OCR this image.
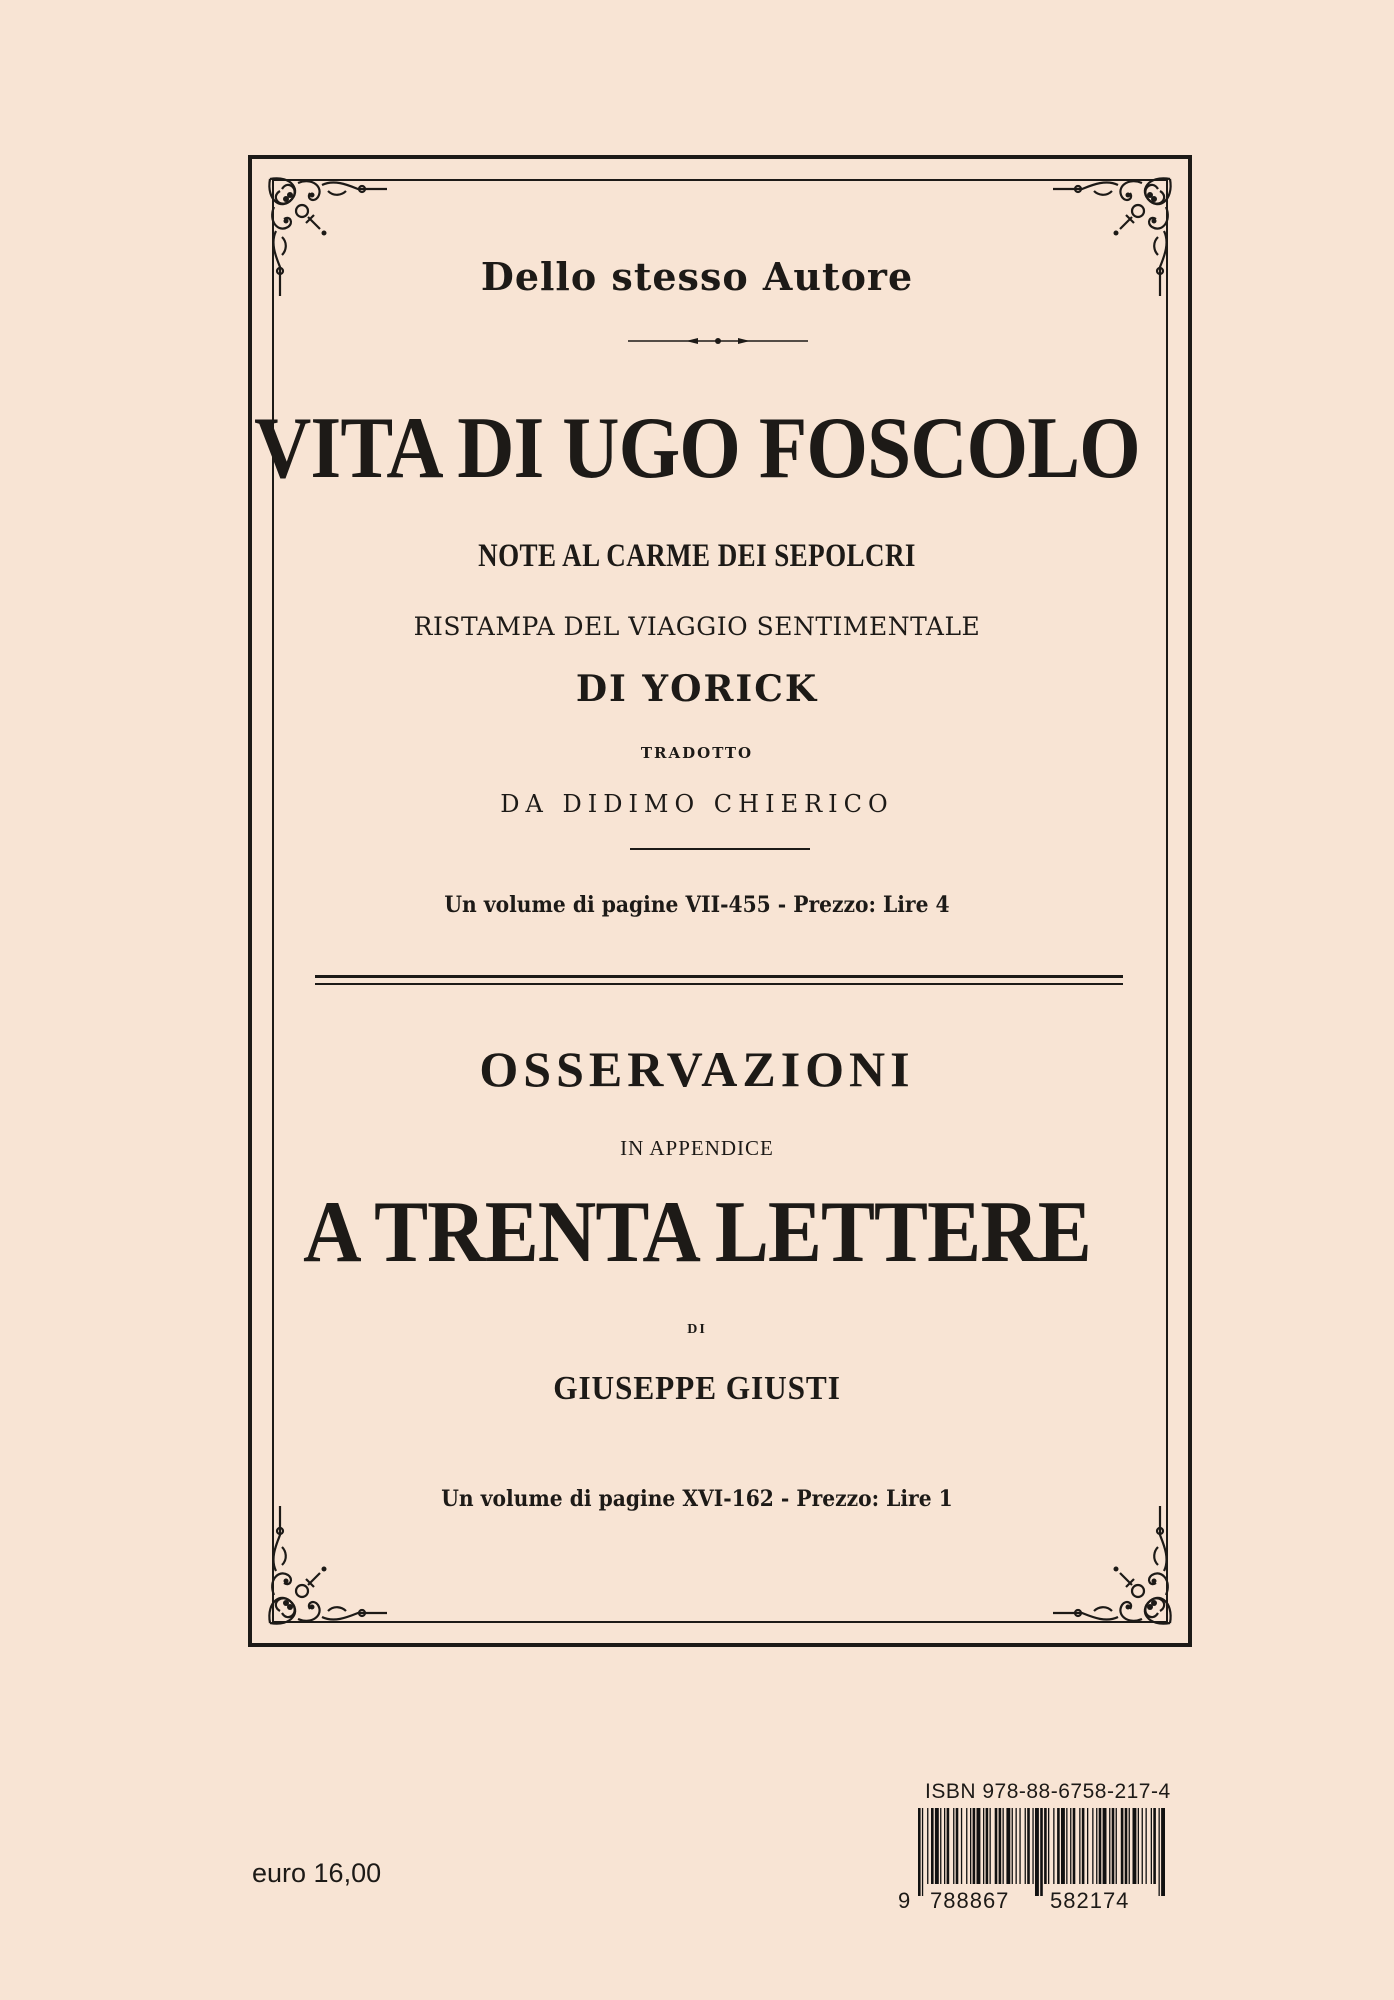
Dello stesso Autore
VITA DI UGO FOSCOLO
NOTE AL CARME DEI SEPOLCRI
RISTAMPA DEL VIAGGIO SENTIMENTALE
DI YORICK
TRADOTTO
DA DIDIMO CHIERICO
Un volume di pagine VII-455 - Prezzo: Lire 4
OSSERVAZIONI
IN APPENDICE
A TRENTA LETTERE
DI
GIUSEPPE GIUSTI
Un volume di pagine XVI-162 - Prezzo: Lire 1
euro 16,00
ISBN 978-88-6758-217-4
9 788867 582174
